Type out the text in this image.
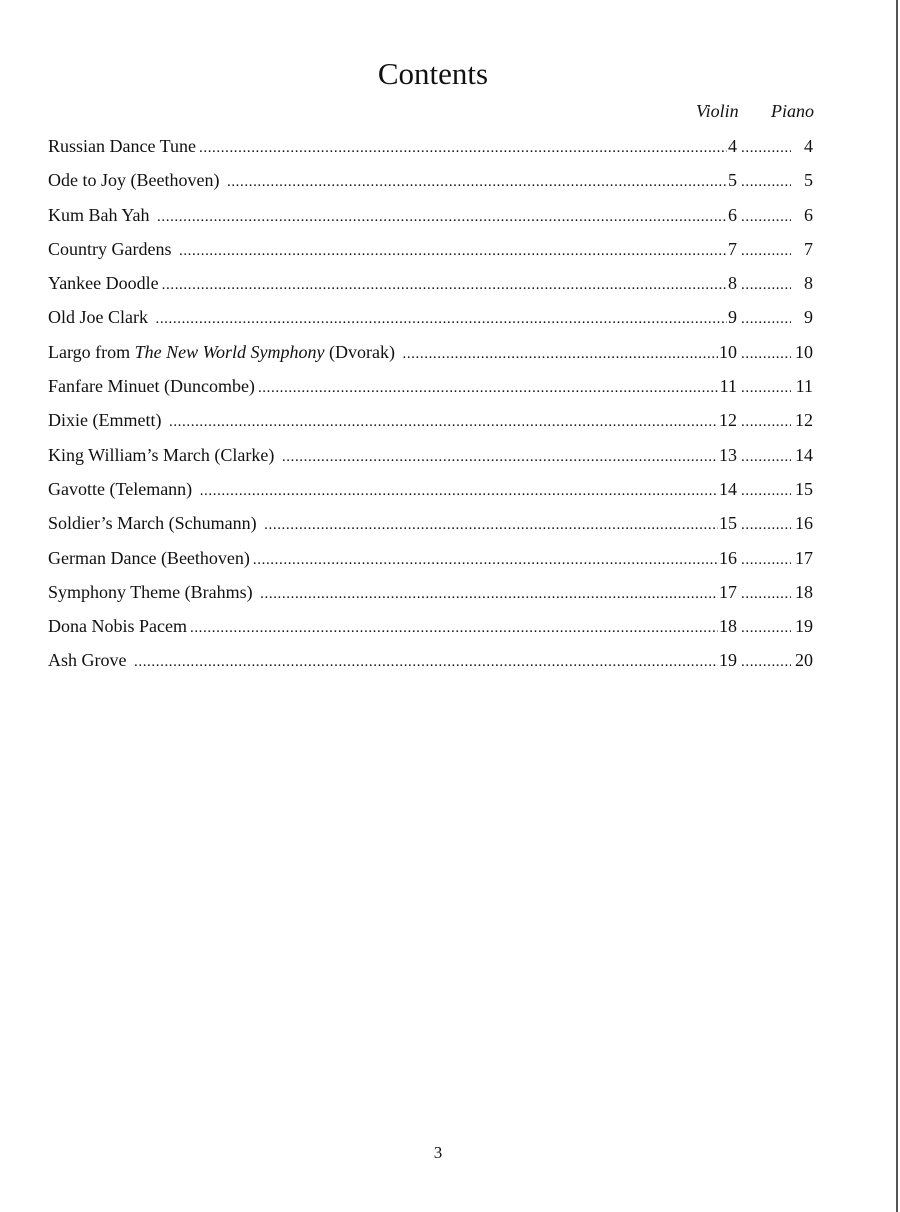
Contents
Violin Piano
Russian Dance Tune .....	4 .....	4
Ode to Joy (Beethoven) .....	5 .....	5
Kum Bah Yah .....	6 .....	6
Country Gardens .....	7 .....	7
Yankee Doodle .....	8 .....	8
Old Joe Clark .....	9 .....	9
Largo from The New World Symphony (Dvorak) .....	10 .....	10
Fanfare Minuet (Duncombe) .....	11 .....	11
Dixie (Emmett) .....	12 .....	12
King William’s March (Clarke) .....	13 .....	14
Gavotte (Telemann) .....	14 .....	15
Soldier’s March (Schumann) .....	15 .....	16
German Dance (Beethoven) .....	16 .....	17
Symphony Theme (Brahms) .....	17 .....	18
Dona Nobis Pacem .....	18 .....	19
Ash Grove .....	19 .....	20
3
